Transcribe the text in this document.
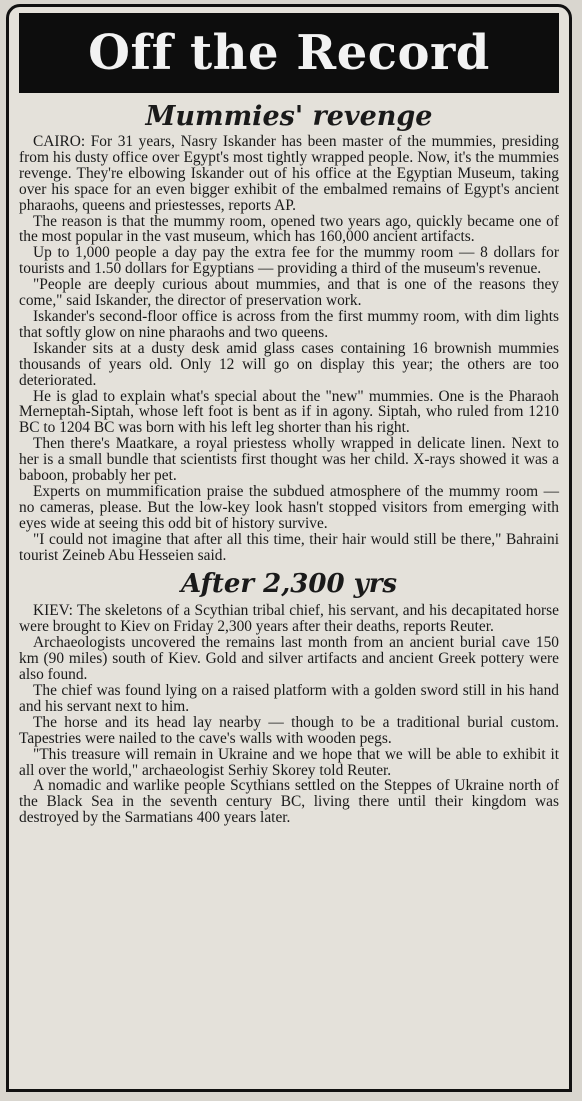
Off the Record
Mummies' revenge

CAIRO: For 31 years, Nasry Iskander has been master of the mummies, presiding from his dusty office over Egypt's most tightly wrapped people. Now, it's the mummies revenge. They're elbowing Iskander out of his office at the Egyptian Museum, taking over his space for an even bigger exhibit of the embalmed remains of Egypt's ancient pharaohs, queens and priestesses, reports AP.

The reason is that the mummy room, opened two years ago, quickly became one of the most popular in the vast museum, which has 160,000 ancient artifacts.

Up to 1,000 people a day pay the extra fee for the mummy room — 8 dollars for tourists and 1.50 dollars for Egyptians — providing a third of the museum's revenue.

"People are deeply curious about mummies, and that is one of the reasons they come," said Iskander, the director of preservation work.

Iskander's second-floor office is across from the first mummy room, with dim lights that softly glow on nine pharaohs and two queens.

Iskander sits at a dusty desk amid glass cases containing 16 brownish mummies thousands of years old. Only 12 will go on display this year; the others are too deteriorated.

He is glad to explain what's special about the "new" mummies. One is the Pharaoh Merneptah-Siptah, whose left foot is bent as if in agony. Siptah, who ruled from 1210 BC to 1204 BC was born with his left leg shorter than his right.

Then there's Maatkare, a royal priestess wholly wrapped in delicate linen. Next to her is a small bundle that scientists first thought was her child. X-rays showed it was a baboon, probably her pet.

Experts on mummification praise the subdued atmosphere of the mummy room — no cameras, please. But the low-key look hasn't stopped visitors from emerging with eyes wide at seeing this odd bit of history survive.

"I could not imagine that after all this time, their hair would still be there," Bahraini tourist Zeineb Abu Hesseien said.

After 2,300 yrs

KIEV: The skeletons of a Scythian tribal chief, his servant, and his decapitated horse were brought to Kiev on Friday 2,300 years after their deaths, reports Reuter.

Archaeologists uncovered the remains last month from an ancient burial cave 150 km (90 miles) south of Kiev. Gold and silver artifacts and ancient Greek pottery were also found.

The chief was found lying on a raised platform with a golden sword still in his hand and his servant next to him.

The horse and its head lay nearby — though to be a traditional burial custom. Tapestries were nailed to the cave's walls with wooden pegs.

"This treasure will remain in Ukraine and we hope that we will be able to exhibit it all over the world," archaeologist Serhiy Skorey told Reuter.

A nomadic and warlike people Scythians settled on the Steppes of Ukraine north of the Black Sea in the seventh century BC, living there until their kingdom was destroyed by the Sarmatians 400 years later.
